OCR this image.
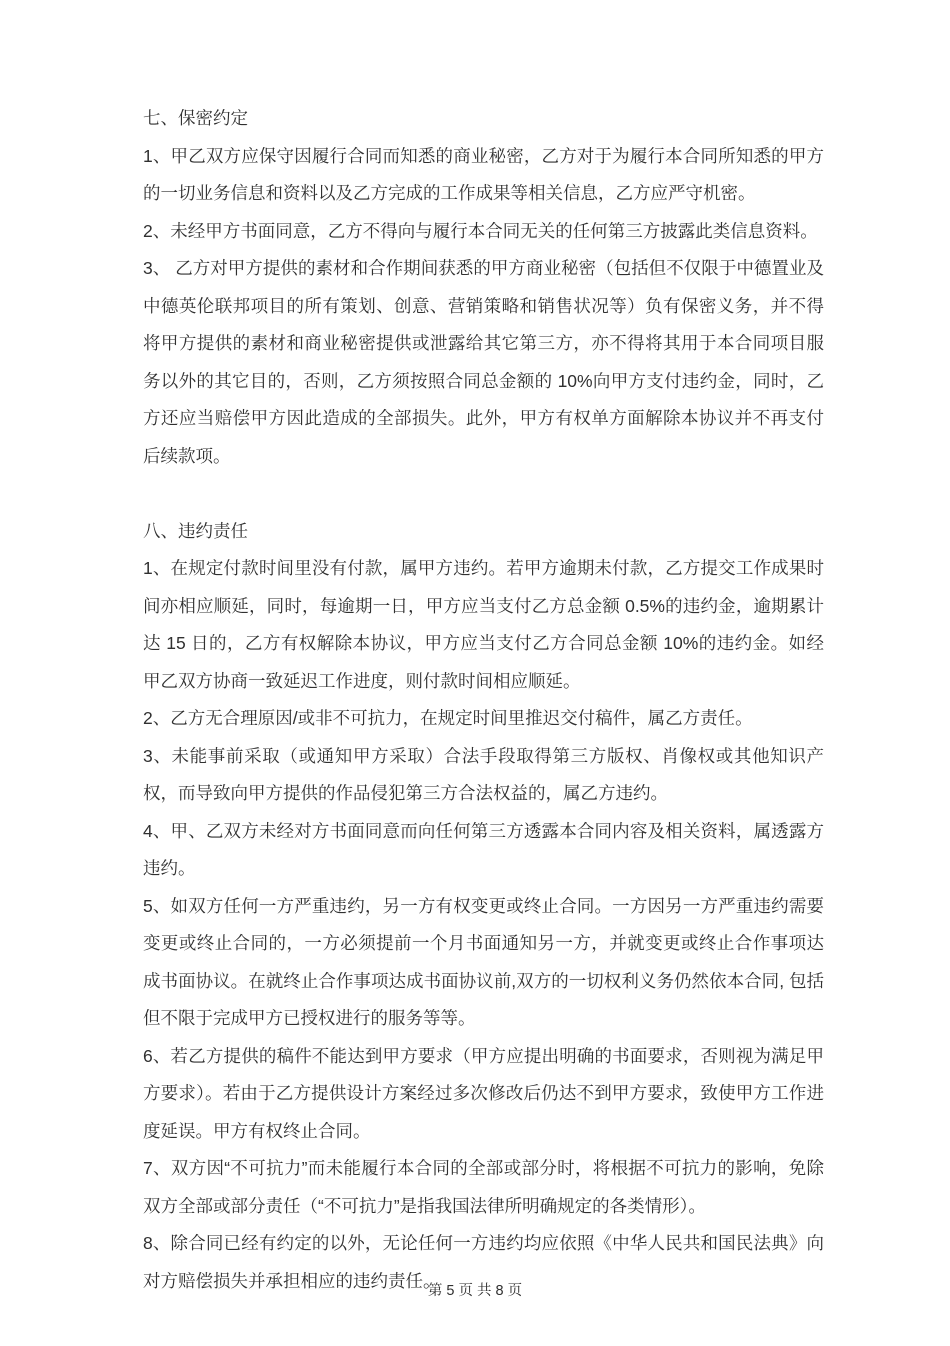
七、保密约定

1、甲乙双方应保守因履行合同而知悉的商业秘密，乙方对于为履行本合同所知悉的甲方的一切业务信息和资料以及乙方完成的工作成果等相关信息，乙方应严守机密。

2、未经甲方书面同意，乙方不得向与履行本合同无关的任何第三方披露此类信息资料。

3、 乙方对甲方提供的素材和合作期间获悉的甲方商业秘密（包括但不仅限于中德置业及中德英伦联邦项目的所有策划、创意、营销策略和销售状况等）负有保密义务，并不得将甲方提供的素材和商业秘密提供或泄露给其它第三方，亦不得将其用于本合同项目服务以外的其它目的，否则，乙方须按照合同总金额的 10%向甲方支付违约金，同时，乙方还应当赔偿甲方因此造成的全部损失。此外，甲方有权单方面解除本协议并不再支付后续款项。

八、违约责任

1、在规定付款时间里没有付款，属甲方违约。若甲方逾期未付款，乙方提交工作成果时间亦相应顺延，同时，每逾期一日，甲方应当支付乙方总金额 0.5%的违约金，逾期累计达 15 日的，乙方有权解除本协议，甲方应当支付乙方合同总金额 10%的违约金。如经甲乙双方协商一致延迟工作进度，则付款时间相应顺延。

2、乙方无合理原因/或非不可抗力，在规定时间里推迟交付稿件，属乙方责任。

3、未能事前采取（或通知甲方采取）合法手段取得第三方版权、肖像权或其他知识产权，而导致向甲方提供的作品侵犯第三方合法权益的，属乙方违约。

4、甲、乙双方未经对方书面同意而向任何第三方透露本合同内容及相关资料，属透露方违约。

5、如双方任何一方严重违约，另一方有权变更或终止合同。一方因另一方严重违约需要变更或终止合同的，一方必须提前一个月书面通知另一方，并就变更或终止合作事项达成书面协议。在就终止合作事项达成书面协议前,双方的一切权利义务仍然依本合同, 包括但不限于完成甲方已授权进行的服务等等。

6、若乙方提供的稿件不能达到甲方要求（甲方应提出明确的书面要求，否则视为满足甲方要求）。若由于乙方提供设计方案经过多次修改后仍达不到甲方要求，致使甲方工作进度延误。甲方有权终止合同。

7、双方因“不可抗力”而未能履行本合同的全部或部分时，将根据不可抗力的影响，免除双方全部或部分责任（“不可抗力”是指我国法律所明确规定的各类情形）。

8、除合同已经有约定的以外，无论任何一方违约均应依照《中华人民共和国民法典》向对方赔偿损失并承担相应的违约责任。

第 5 页 共 8 页
